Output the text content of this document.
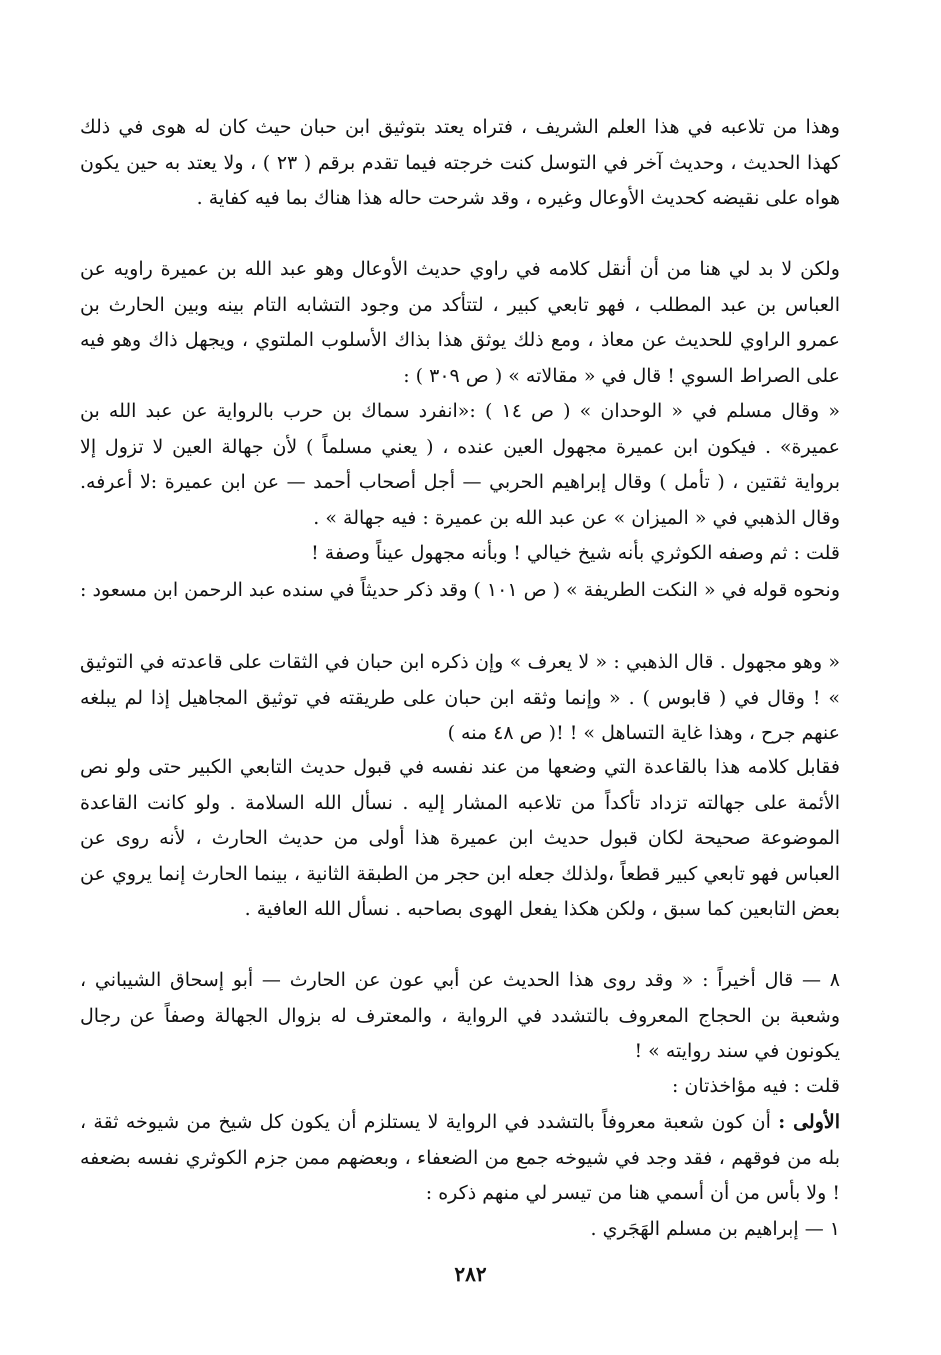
وهذا من تلاعبه في هذا العلم الشريف ، فتراه يعتد بتوثيق ابن حبان حيث كان له هوى في ذلك كهذا الحديث ، وحديث آخر في التوسل كنت خرجته فيما تقدم برقم ( ٢٣ ) ، ولا يعتد به حين يكون هواه على نقيضه كحديث الأوعال وغيره ، وقد شرحت حاله هذا هناك بما فيه كفاية .

ولكن لا بد لي هنا من أن أنقل كلامه في راوي حديث الأوعال وهو عبد الله بن عميرة راويه عن العباس بن عبد المطلب ، فهو تابعي كبير ، لتتأكد من وجود التشابه التام بينه وبين الحارث بن عمرو الراوي للحديث عن معاذ ، ومع ذلك يوثق هذا بذاك الأسلوب الملتوي ، ويجهل ذاك وهو فيه على الصراط السوي ! قال في « مقالاته » ( ص ٣٠٩ ) :

« وقال مسلم في « الوحدان » ( ص ١٤ ) :«انفرد سماك بن حرب بالرواية عن عبد الله بن عميرة» . فيكون ابن عميرة مجهول العين عنده ، ( يعني مسلماً ) لأن جهالة العين لا تزول إلا برواية ثقتين ، ( تأمل ) وقال إبراهيم الحربي — أجل أصحاب أحمد — عن ابن عميرة :لا أعرفه. وقال الذهبي في « الميزان » عن عبد الله بن عميرة : فيه جهالة » .

قلت : ثم وصفه الكوثري بأنه شيخ خيالي ! وبأنه مجهول عيناً وصفة !

ونحوه قوله في « النكت الطريفة » ( ص ١٠١ ) وقد ذكر حديثاً في سنده عبد الرحمن ابن مسعود :

« وهو مجهول . قال الذهبي : « لا يعرف » وإن ذكره ابن حبان في الثقات على قاعدته في التوثيق » ! وقال في ( قابوس ) . « وإنما وثقه ابن حبان على طريقته في توثيق المجاهيل إذا لم يبلغه عنهم جرح ، وهذا غاية التساهل » ! !( ص ٤٨ منه )

فقابل كلامه هذا بالقاعدة التي وضعها من عند نفسه في قبول حديث التابعي الكبير حتى ولو نص الأئمة على جهالته تزداد تأكداً من تلاعبه المشار إليه . نسأل الله السلامة . ولو كانت القاعدة الموضوعة صحيحة لكان قبول حديث ابن عميرة هذا أولى من حديث الحارث ، لأنه روى عن العباس فهو تابعي كبير قطعاً ،ولذلك جعله ابن حجر من الطبقة الثانية ، بينما الحارث إنما يروي عن بعض التابعين كما سبق ، ولكن هكذا يفعل الهوى بصاحبه . نسأل الله العافية .

٨ — قال أخيراً : « وقد روى هذا الحديث عن أبي عون عن الحارث — أبو إسحاق الشيباني ، وشعبة بن الحجاج المعروف بالتشدد في الرواية ، والمعترف له بزوال الجهالة وصفاً عن رجال يكونون في سند روايته » !

قلت : فيه مؤاخذتان :

الأولى : أن كون شعبة معروفاً بالتشدد في الرواية لا يستلزم أن يكون كل شيخ من شيوخه ثقة ، بله من فوقهم ، فقد وجد في شيوخه جمع من الضعفاء ، وبعضهم ممن جزم الكوثري نفسه بضعفه ! ولا بأس من أن أسمي هنا من تيسر لي منهم ذكره :

١ — إبراهيم بن مسلم الهَجَري .

٢٨٢
